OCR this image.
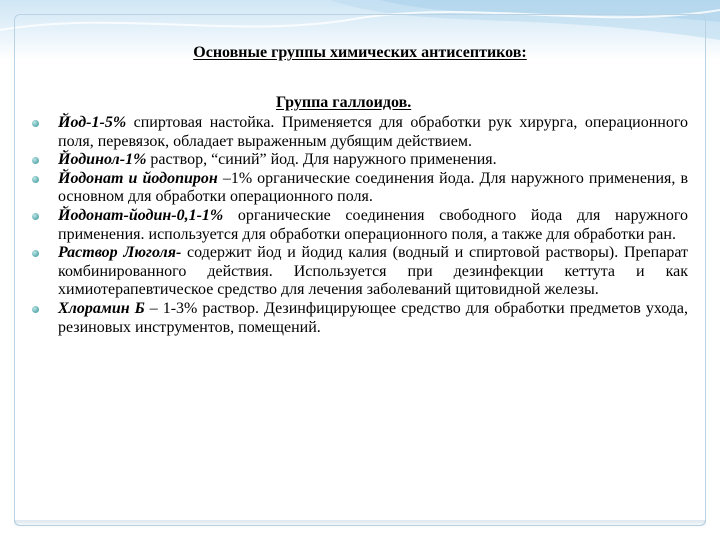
Основные группы химических антисептиков:
Группа галлоидов.
Йод-1-5% спиртовая настойка. Применяется для обработки рук хирурга, операционного поля, перевязок, обладает выраженным дубящим действием.
Йодинол-1% раствор, “синий” йод. Для наружного применения.
Йодонат и йодопирон –1% органические соединения йода. Для наружного применения, в основном для обработки операционного поля.
Йодонат-йодин-0,1-1% органические соединения свободного йода для наружного применения. используется для обработки операционного поля, а также для обработки ран.
Раствор Люголя- содержит йод и йодид калия (водный и спиртовой растворы). Препарат комбинированного действия. Используется при дезинфекции кеттута и как химиотерапевтическое средство для лечения заболеваний щитовидной железы.
Хлорамин Б – 1-3% раствор. Дезинфицирующее средство для обработки предметов ухода, резиновых инструментов, помещений.
